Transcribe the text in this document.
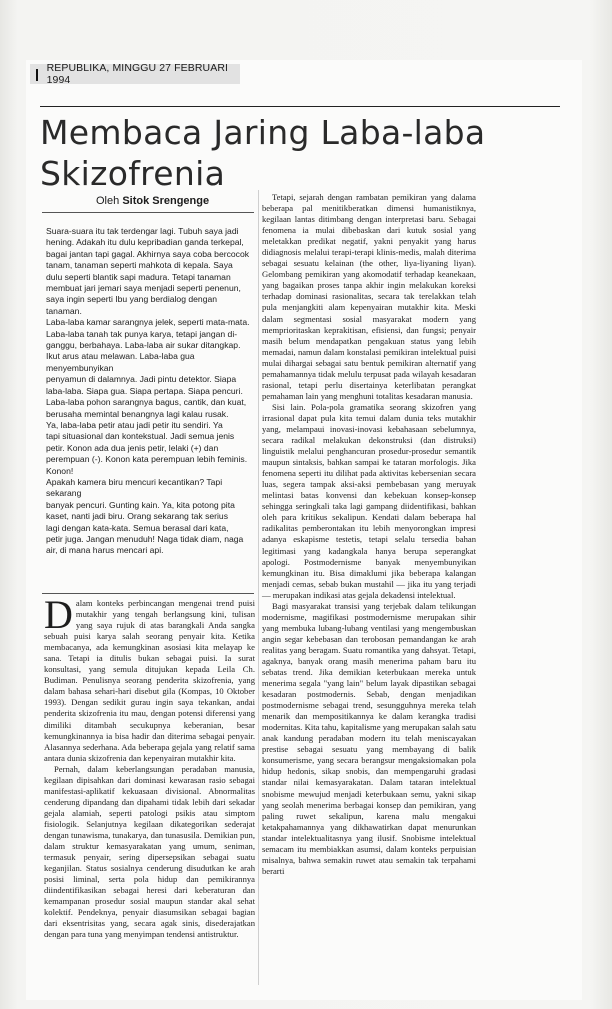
REPUBLIKA, MINGGU 27 FEBRUARI 1994
Membaca Jaring Laba-laba Skizofrenia
Oleh Sitok Srengenge

Suara-suara itu tak terdengar lagi. Tubuh saya jadi

hening. Adakah itu dulu kepribadian ganda terkepal,

bagai jantan tapi gagal. Akhirnya saya coba bercocok

tanam, tanaman seperti mahkota di kepala. Saya

dulu seperti blantik sapi madura. Tetapi tanaman

membuat jari jemari saya menjadi seperti penenun,

saya ingin seperti Ibu yang berdialog dengan

tanaman.

Laba-laba kamar sarangnya jelek, seperti mata-mata.

Laba-laba tanah tak punya karya, tetapi jangan di-

ganggu, berbahaya. Laba-laba air sukar ditangkap.

Ikut arus atau melawan. Laba-laba gua

menyembunyikan

penyamun di dalamnya. Jadi pintu detektor. Siapa

laba-laba. Siapa gua. Siapa pertapa. Siapa pencuri.

Laba-laba pohon sarangnya bagus, cantik, dan kuat,

berusaha memintal benangnya lagi kalau rusak.

Ya, laba-laba petir atau jadi petir itu sendiri. Ya

tapi situasional dan kontekstual. Jadi semua jenis

petir. Konon ada dua jenis petir, lelaki (+) dan

perempuan (-). Konon kata perempuan lebih feminis.

Konon!

Apakah kamera biru mencuri kecantikan? Tapi

sekarang

banyak pencuri. Gunting kain. Ya, kita potong pita

kaset, nanti jadi biru. Orang sekarang tak serius

lagi dengan kata-kata. Semua berasal dari kata,

petir juga. Jangan menuduh! Naga tidak diam, naga

air, di mana harus mencari api.

Dalam konteks perbincangan mengenai trend puisi mutakhir yang tengah berlangsung kini, tulisan yang saya rujuk di atas barangkali Anda sangka sebuah puisi karya salah seorang penyair kita. Ketika membacanya, ada kemungkinan asosiasi kita melayap ke sana. Tetapi ia ditulis bukan sebagai puisi. Ia surat konsultasi, yang semula ditujukan kepada Leila Ch. Budiman. Penulisnya seorang penderita skizofrenia, yang dalam bahasa sehari-hari disebut gila (Kompas, 10 Oktober 1993). Dengan sedikit gurau ingin saya tekankan, andai penderita skizofrenia itu mau, dengan potensi diferensi yang dimiliki ditambah secukupnya keberanian, besar kemungkinannya ia bisa hadir dan diterima sebagai penyair. Alasannya sederhana. Ada beberapa gejala yang relatif sama antara dunia skizofrenia dan kepenyairan mutakhir kita.

Pernah, dalam keberlangsungan peradaban manusia, kegilaan dipisahkan dari dominasi kewarasan rasio sebagai manifestasi-aplikatif kekuasaan divisional. Abnormalitas cenderung dipandang dan dipahami tidak lebih dari sekadar gejala alamiah, seperti patologi psikis atau simptom fisiologik. Selanjutnya kegilaan dikategorikan sederajat dengan tunawisma, tunakarya, dan tunasusila. Demikian pun, dalam struktur kemasyarakatan yang umum, seniman, termasuk penyair, sering dipersepsikan sebagai suatu keganjilan. Status sosialnya cenderung disudutkan ke arah posisi liminal, serta pola hidup dan pemikirannya diindentifikasikan sebagai heresi dari keberaturan dan kemampanan prosedur sosial maupun standar akal sehat kolektif. Pendeknya, penyair diasumsikan sebagai bagian dari eksentrisitas yang, secara agak sinis, disederajatkan dengan para tuna yang menyimpan tendensi antistruktur.

Tetapi, sejarah dengan rambatan pemikiran yang dalama beberapa pal menitikberatkan dimensi humanistiknya, kegilaan lantas ditimbang dengan interpretasi baru. Sebagai fenomena ia mulai dibebaskan dari kutuk sosial yang meletakkan predikat negatif, yakni penyakit yang harus didiagnosis melalui terapi-terapi klinis-medis, malah diterima sebagai sesuatu kelainan (the other, liya-liyaning liyan). Gelombang pemikiran yang akomodatif terhadap keanekaan, yang bagaikan proses tanpa akhir ingin melakukan koreksi terhadap dominasi rasionalitas, secara tak terelakkan telah pula menjangkiti alam kepenyairan mutakhir kita. Meski dalam segmentasi sosial masyarakat modern yang memprioritaskan keprakitisan, efisiensi, dan fungsi; penyair masih belum mendapatkan pengakuan status yang lebih memadai, namun dalam konstalasi pemikiran intelektual puisi mulai dihargai sebagai satu bentuk pemikiran alternatif yang pemahamannya tidak melulu terpusat pada wilayah kesadaran rasional, tetapi perlu disertainya keterlibatan perangkat pemahaman lain yang menghuni totalitas kesadaran manusia.

Sisi lain. Pola-pola gramatika seorang skizofren yang irrasional dapat pula kita temui dalam dunia teks mutakhir yang, melampaui inovasi-inovasi kebahasaan sebelumnya, secara radikal melakukan dekonstruksi (dan distruksi) linguistik melalui penghancuran prosedur-prosedur semantik maupun sintaksis, bahkan sampai ke tataran morfologis. Jika fenomena seperti itu dilihat pada aktivitas kebersenian secara luas, segera tampak aksi-aksi pembebasan yang meruyak melintasi batas konvensi dan kebekuan konsep-konsep sehingga seringkali taka lagi gampang diidentifikasi, bahkan oleh para kritikus sekalipun. Kendati dalam beberapa hal radikalitas pemberontakan itu lebih menyorongkan impresi adanya eskapisme testetis, tetapi selalu tersedia bahan legitimasi yang kadangkala hanya berupa seperangkat apologi. Postmodernisme banyak menyembunyikan kemungkinan itu. Bisa dimaklumi jika beberapa kalangan menjadi cemas, sebab bukan mustahil — jika itu yang terjadi — merupakan indikasi atas gejala dekadensi intelektual.

Bagi masyarakat transisi yang terjebak dalam telikungan modernisme, magifikasi postmodernisme merupakan sihir yang membuka lubang-lubang ventilasi yang mengembuskan angin segar kebebasan dan terobosan pemandangan ke arah realitas yang beragam. Suatu romantika yang dahsyat. Tetapi, agaknya, banyak orang masih menerima paham baru itu sebatas trend. Jika demikian keterbukaan mereka untuk menerima segala "yang lain" belum layak dipastikan sebagai kesadaran postmodernis. Sebab, dengan menjadikan postmodernisme sebagai trend, sesungguhnya mereka telah menarik dan mempositikannya ke dalam kerangka tradisi modernitas. Kita tahu, kapitalisme yang merupakan salah satu anak kandung peradaban modern itu telah meniscayakan prestise sebagai sesuatu yang membayang di balik konsumerisme, yang secara berangsur mengaksiomakan pola hidup hedonis, sikap snobis, dan mempengaruhi gradasi standar nilai kemasyarakatan. Dalam tataran intelektual snobisme mewujud menjadi keterbukaan semu, yakni sikap yang seolah menerima berbagai konsep dan pemikiran, yang paling ruwet sekalipun, karena malu mengakui ketakpahamannya yang dikhawatirkan dapat menurunkan standar intelektualitasnya yang ilusif. Snobisme intelektual semacam itu membiakkan asumsi, dalam konteks perpuisian misalnya, bahwa semakin ruwet atau semakin tak terpahami berarti
